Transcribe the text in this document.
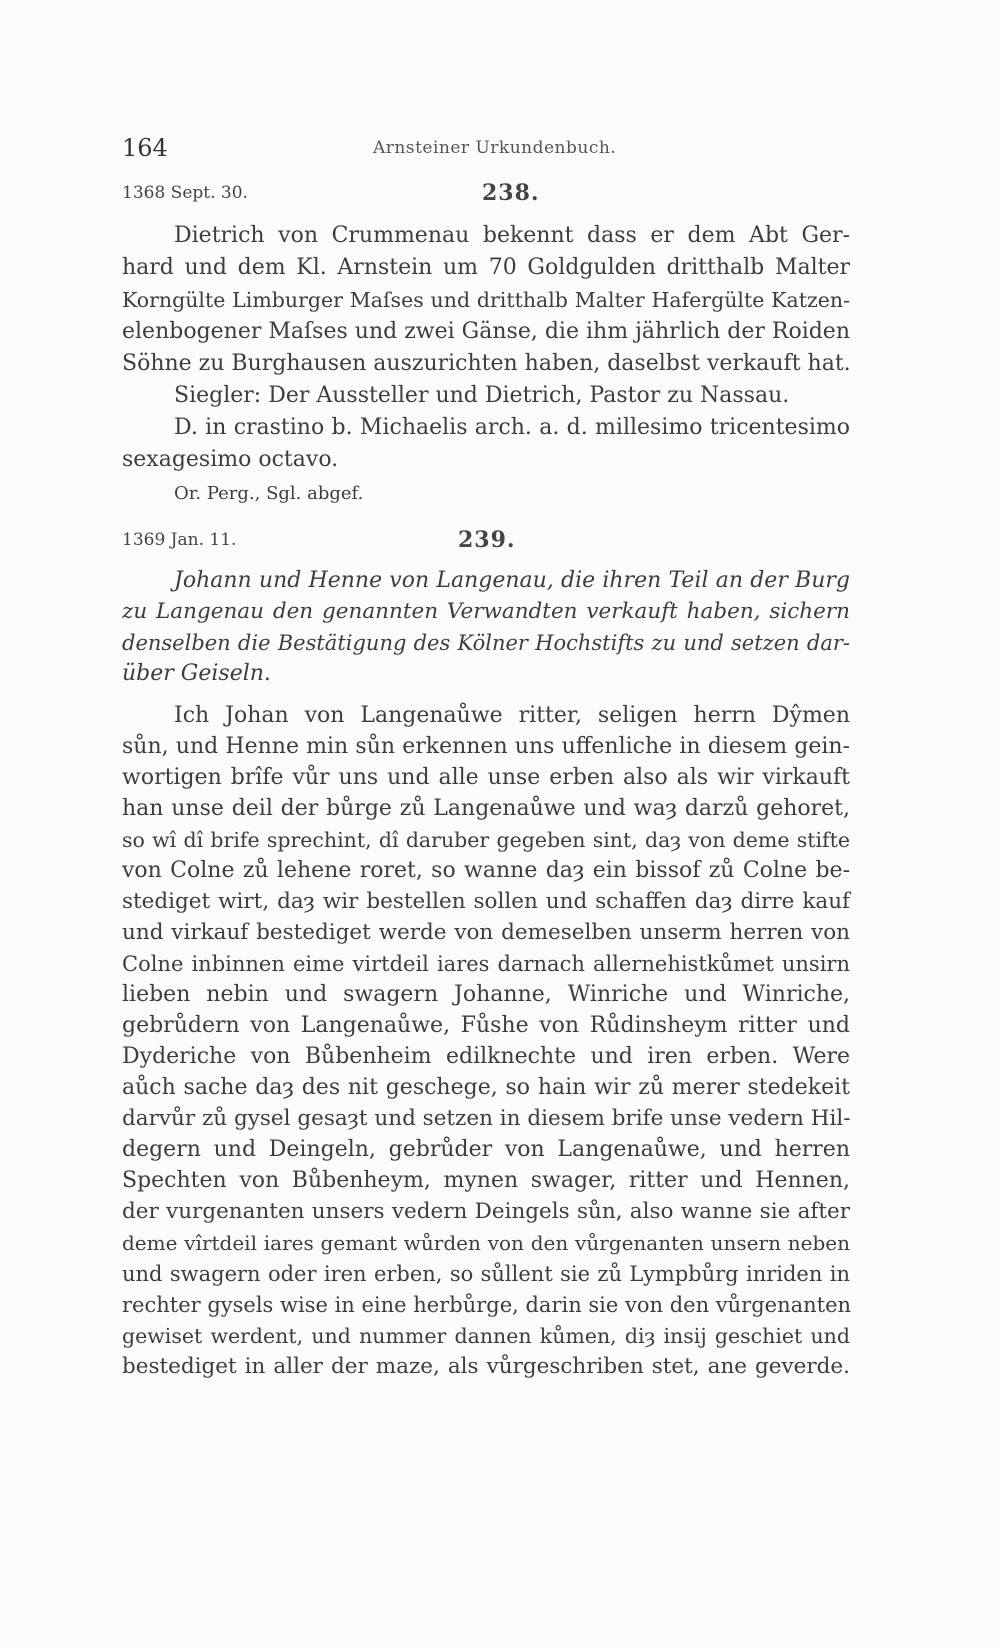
164	Arnsteiner Urkundenbuch.
1368 Sept. 30.	238.
Dietrich von Crummenau bekennt dass er dem Abt Ger-
hard und dem Kl. Arnstein um 70 Goldgulden dritthalb Malter
Korngülte Limburger Maſses und dritthalb Malter Hafergülte Katzen-
elenbogener Maſses und zwei Gänse, die ihm jährlich der Roiden
Söhne zu Burghausen auszurichten haben, daselbst verkauft hat.
Siegler: Der Aussteller und Dietrich, Pastor zu Nassau.
D. in crastino b. Michaelis arch. a. d. millesimo tricentesimo
sexagesimo octavo.
Or. Perg., Sgl. abgef.
1369 Jan. 11.	239.
Johann und Henne von Langenau, die ihren Teil an der Burg
zu Langenau den genannten Verwandten verkauft haben, sichern
denselben die Bestätigung des Kölner Hochstifts zu und setzen dar-
über Geiseln.
Ich Johan von Langenaůwe ritter, seligen herrn Dŷmen
sůn, und Henne min sůn erkennen uns uffenliche in diesem gein-
wortigen brîfe vůr uns und alle unse erben also als wir virkauft
han unse deil der bůrge zů Langenaůwe und waȝ darzů gehoret,
so wî dî brife sprechint, dî daruber gegeben sint, daȝ von deme stifte
von Colne zů lehene roret, so wanne daȝ ein bissof zů Colne be-
stediget wirt, daȝ wir bestellen sollen und schaffen daȝ dirre kauf
und virkauf bestediget werde von demeselben unserm herren von
Colne inbinnen eime virtdeil iares darnach allernehistkůmet unsirn
lieben nebin und swagern Johanne, Winriche und Winriche,
gebrůdern von Langenaůwe, Fůshe von Růdinsheym ritter und
Dyderiche von Bůbenheim edilknechte und iren erben. Were
aůch sache daȝ des nit geschege, so hain wir zů merer stedekeit
darvůr zů gysel gesaȝt und setzen in diesem brife unse vedern Hil-
degern und Deingeln, gebrůder von Langenaůwe, und herren
Spechten von Bůbenheym, mynen swager, ritter und Hennen,
der vurgenanten unsers vedern Deingels sůn, also wanne sie after
deme vîrtdeil iares gemant wůrden von den vůrgenanten unsern neben
und swagern oder iren erben, so sůllent sie zů Lympbůrg inriden in
rechter gysels wise in eine herbůrge, darin sie von den vůrgenanten
gewiset werdent, und nummer dannen kůmen, diȝ insij geschiet und
bestediget in aller der maze, als vůrgeschriben stet, ane geverde.
